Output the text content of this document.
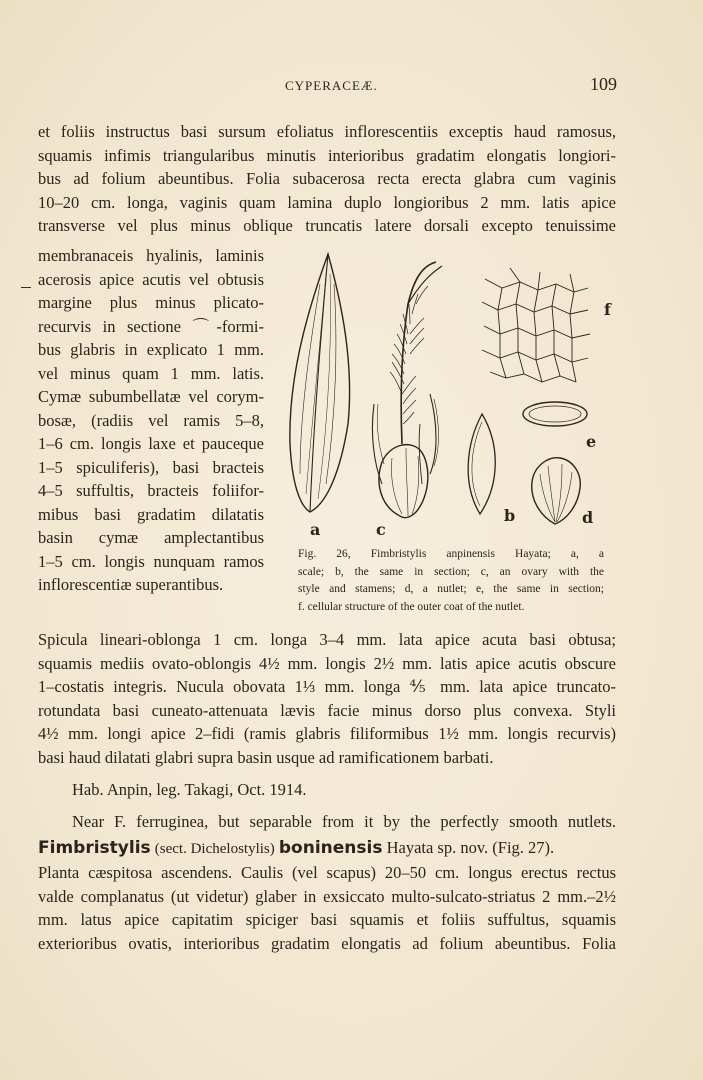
CYPERACEÆ.	109
et foliis instructus basi sursum efoliatus inflorescentiis exceptis haud ramosus,
squamis infimis triangularibus minutis interioribus gradatim elongatis longiori-
bus ad folium abeuntibus. Folia subacerosa recta erecta glabra cum vaginis
10–20 cm. longa, vaginis quam lamina duplo longioribus 2 mm. latis apice
transverse vel plus minus oblique truncatis latere dorsali excepto tenuissime
membranaceis hyalinis, laminis
acerosis apice acutis vel obtusis
margine plus minus plicato-
recurvis in sectione ⌒-formi-
bus glabris in explicato 1 mm.
vel minus quam 1 mm. latis.
Cymæ subumbellatæ vel corym-
bosæ, (radiis vel ramis 5–8,
1–6 cm. longis laxe et pauceque
1–5 spiculiferis), basi bracteis
4–5 suffultis, bracteis foliifor-
mibus basi gradatim dilatatis
basin cymæ amplectantibus
1–5 cm. longis nunquam ramos
inflorescentiæ superantibus.
a	c
b	d
e
f
Fig. 26, Fimbristylis anpinensis Hayata; a, a
scale; b, the same in section; c, an ovary with the
style and stamens; d, a nutlet; e, the same in section;
f. cellular structure of the outer coat of the nutlet.
Spicula lineari-oblonga 1 cm. longa 3–4 mm. lata apice acuta basi obtusa;
squamis mediis ovato-oblongis 4½ mm. longis 2½ mm. latis apice acutis obscure
1–costatis integris. Nucula obovata 1⅓ mm. longa ⅘ mm. lata apice truncato-
rotundata basi cuneato-attenuata lævis facie minus dorso plus convexa. Styli
4½ mm. longi apice 2–fidi (ramis glabris filiformibus 1½ mm. longis recurvis)
basi haud dilatati glabri supra basin usque ad ramificationem barbati.
Hab. Anpin, leg. Takagi, Oct. 1914.
Near F. ferruginea, but separable from it by the perfectly smooth nutlets.
Fimbristylis (sect. Dichelostylis) boninensis Hayata sp. nov. (Fig. 27).
Planta cæspitosa ascendens. Caulis (vel scapus) 20–50 cm. longus erectus rectus
valde complanatus (ut videtur) glaber in exsiccato multo-sulcato-striatus 2 mm.–2½
mm. latus apice capitatim spiciger basi squamis et foliis suffultus, squamis
exterioribus ovatis, interioribus gradatim elongatis ad folium abeuntibus. Folia
